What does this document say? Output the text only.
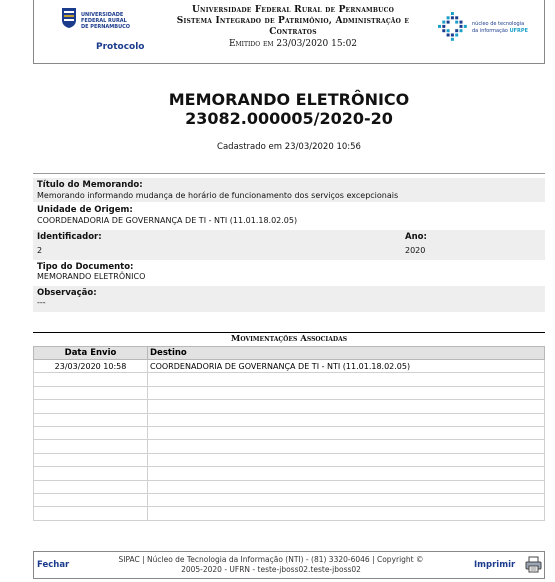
UNIVERSIDADE
FEDERAL RURAL
DE PERNAMBUCO
Protocolo
Universidade Federal Rural de Pernambuco
Sistema Integrado de Patrimônio, Administração e
Contratos
Emitido em 23/03/2020 15:02
núcleo de tecnologia
da informação UFRPE
MEMORANDO ELETRÔNICO
23082.000005/2020-20
Cadastrado em 23/03/2020 10:56
Título do Memorando:
Memorando informando mudança de horário de funcionamento dos serviços excepcionais
Unidade de Origem:
COORDENADORIA DE GOVERNANÇA DE TI - NTI (11.01.18.02.05)
Identificador:
2
Ano:
2020
Tipo do Documento:
MEMORANDO ELETRÔNICO
Observação:
---
Movimentações Associadas
Data Envio	Destino
23/03/2020 10:58	COORDENADORIA DE GOVERNANÇA DE TI - NTI (11.01.18.02.05)

Fechar
SIPAC | Núcleo de Tecnologia da Informação (NTI) - (81) 3320-6046 | Copyright ©
2005-2020 - UFRN - teste-jboss02.teste-jboss02	Imprimir
